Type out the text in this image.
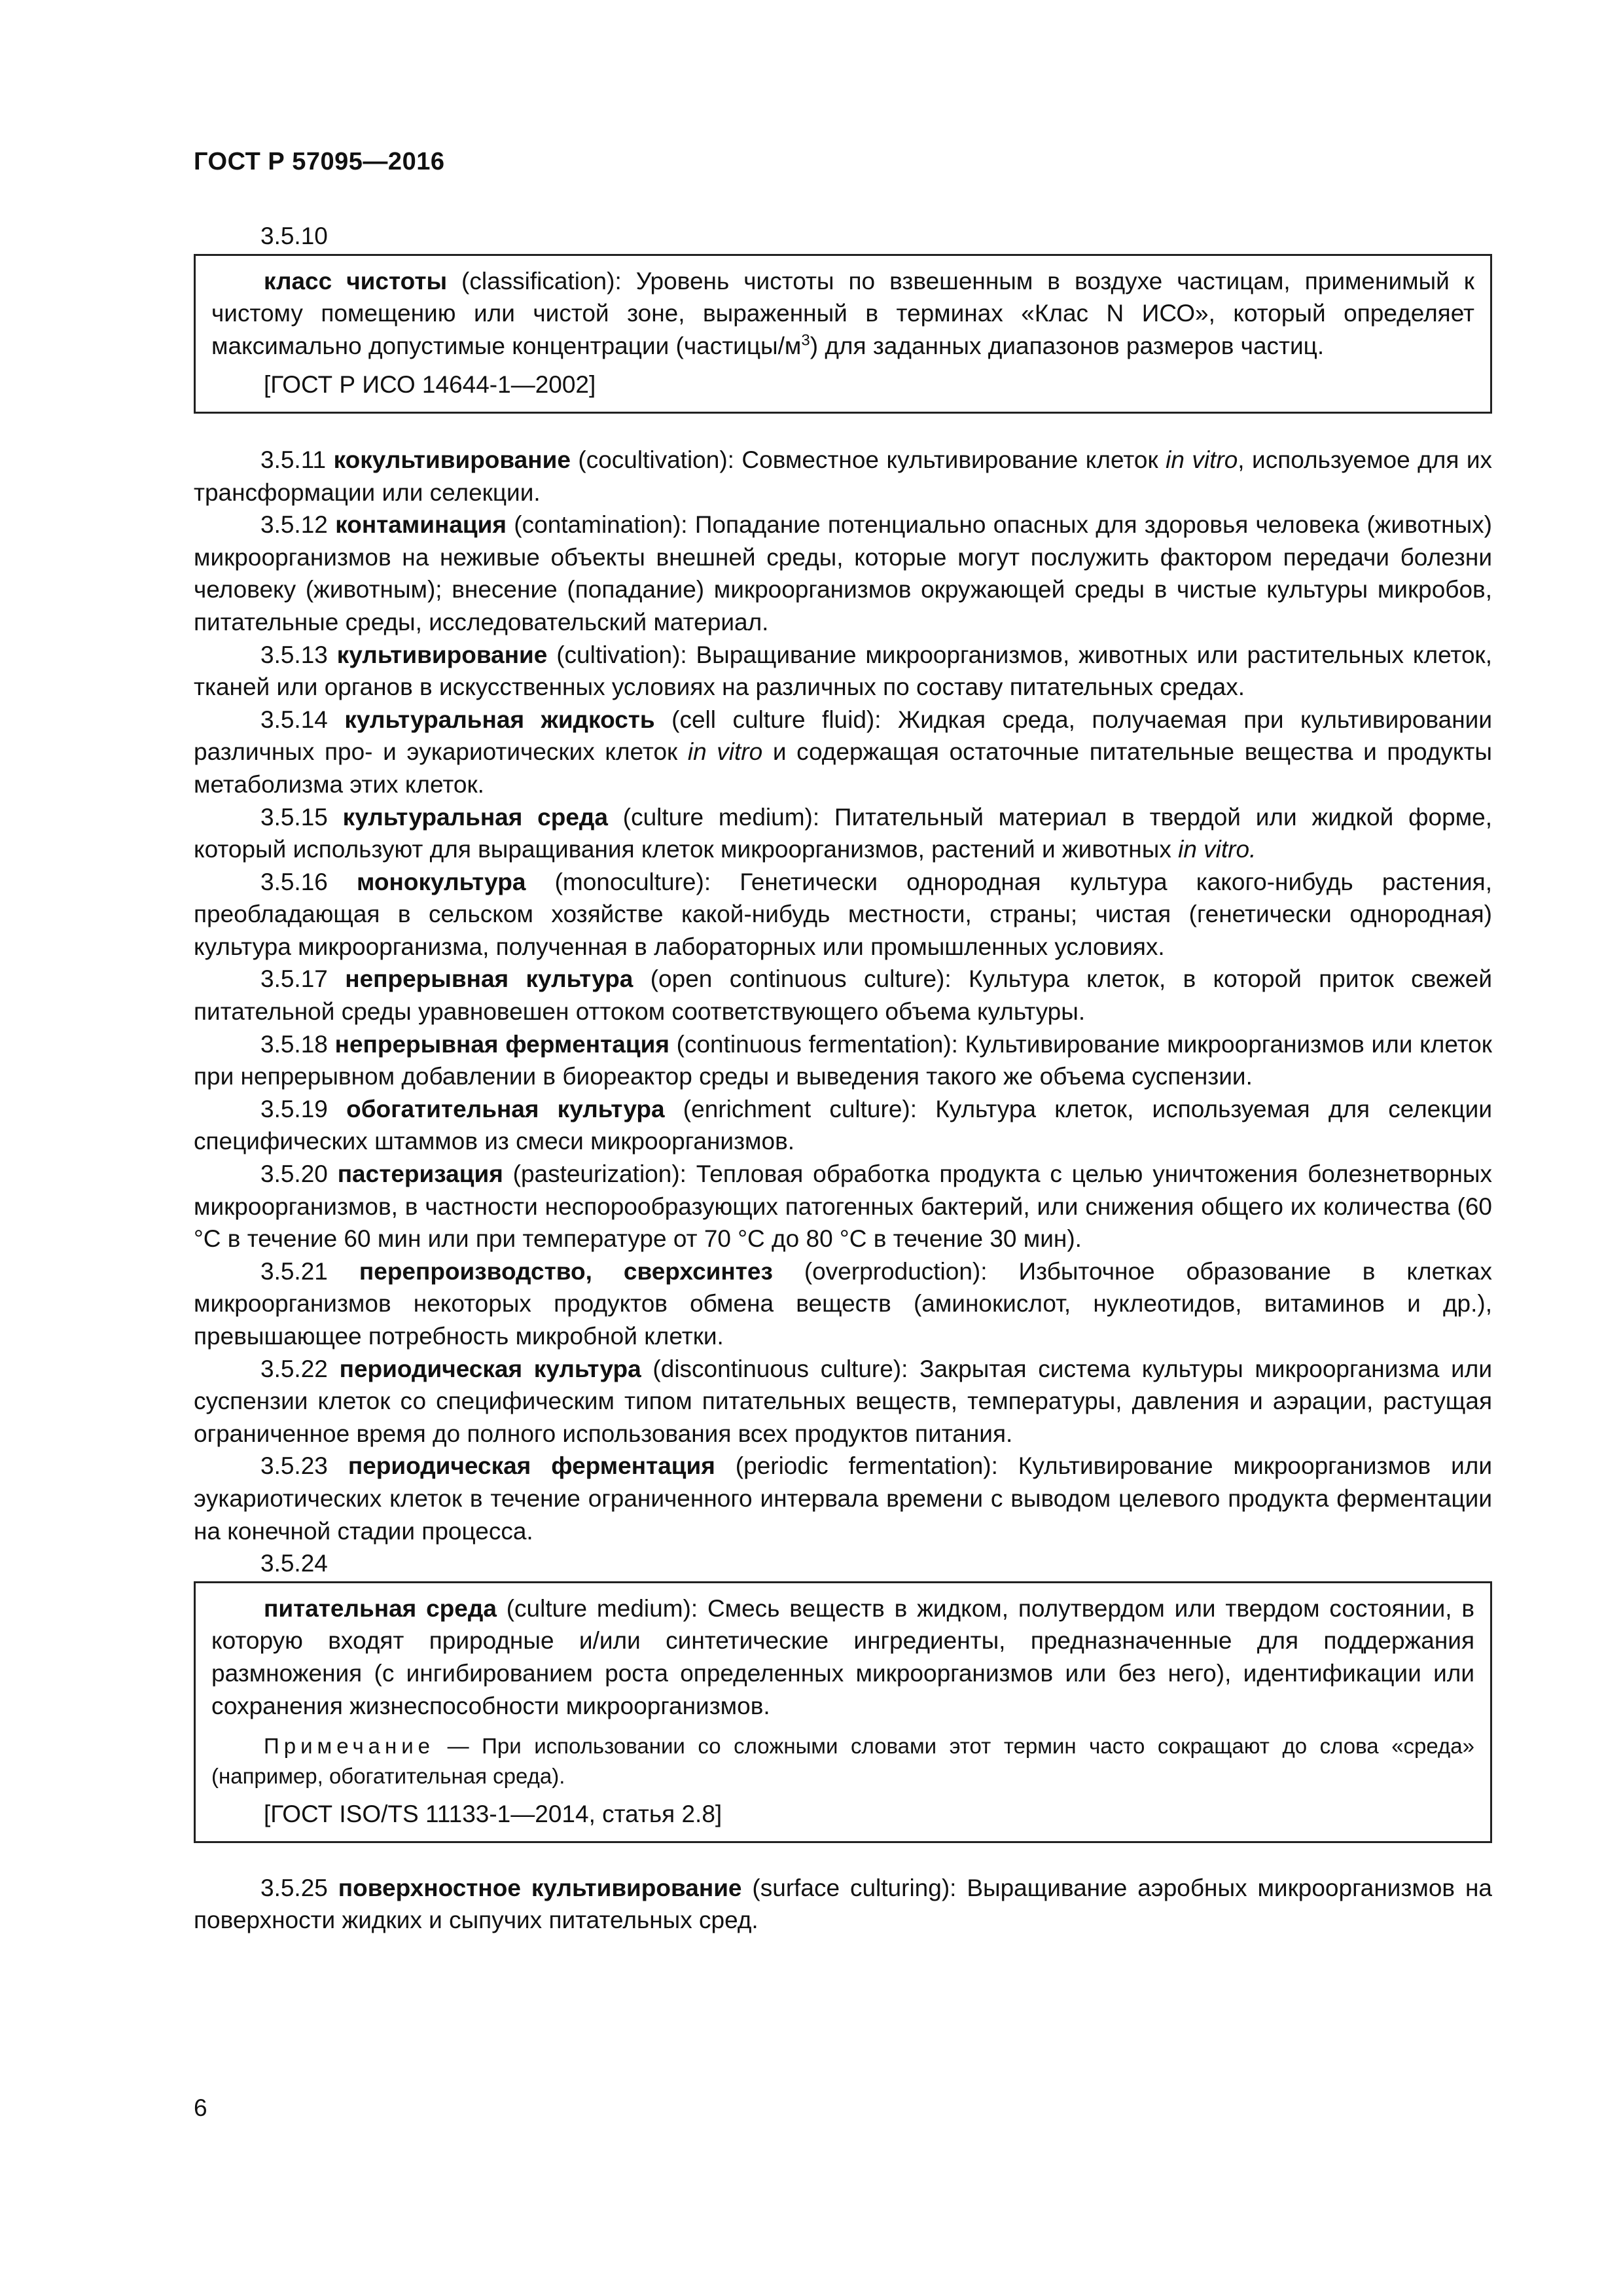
ГОСТ Р 57095—2016
3.5.10

класс чистоты (classification): Уровень чистоты по взвешенным в воздухе частицам, применимый к чистому помещению или чистой зоне, выраженный в терминах «Клас N ИСО», который определяет максимально допустимые концентрации $(частицы/м^3)$ для заданных диапазонов размеров частиц.

[ГОСТ Р ИСО 14644-1—2002]

3.5.11 кокультивирование (cocultivation): Совместное культивирование клеток in vitro, используемое для их трансформации или селекции.

3.5.12 контаминация (contamination): Попадание потенциально опасных для здоровья человека (животных) микроорганизмов на неживые объекты внешней среды, которые могут послужить фактором передачи болезни человеку (животным); внесение (попадание) микроорганизмов окружающей среды в чистые культуры микробов, питательные среды, исследовательский материал.

3.5.13 культивирование (cultivation): Выращивание микроорганизмов, животных или растительных клеток, тканей или органов в искусственных условиях на различных по составу питательных средах.

3.5.14 культуральная жидкость (cell culture fluid): Жидкая среда, получаемая при культивировании различных про- и эукариотических клеток in vitro и содержащая остаточные питательные вещества и продукты метаболизма этих клеток.

3.5.15 культуральная среда (culture medium): Питательный материал в твердой или жидкой форме, который используют для выращивания клеток микроорганизмов, растений и животных in vitro.

3.5.16 монокультура (monoculture): Генетически однородная культура какого-нибудь растения, преобладающая в сельском хозяйстве какой-нибудь местности, страны; чистая (генетически однородная) культура микроорганизма, полученная в лабораторных или промышленных условиях.

3.5.17 непрерывная культура (open continuous culture): Культура клеток, в которой приток свежей питательной среды уравновешен оттоком соответствующего объема культуры.

3.5.18 непрерывная ферментация (continuous fermentation): Культивирование микроорганизмов или клеток при непрерывном добавлении в биореактор среды и выведения такого же объема суспензии.

3.5.19 обогатительная культура (enrichment culture): Культура клеток, используемая для селекции специфических штаммов из смеси микроорганизмов.

3.5.20 пастеризация (pasteurization): Тепловая обработка продукта с целью уничтожения болезнетворных микроорганизмов, в частности неспорообразующих патогенных бактерий, или снижения общего их количества (60 °С в течение 60 мин или при температуре от 70 °С до 80 °С в течение 30 мин).

3.5.21 перепроизводство, сверхсинтез (overproduction): Избыточное образование в клетках микроорганизмов некоторых продуктов обмена веществ (аминокислот, нуклеотидов, витаминов и др.), превышающее потребность микробной клетки.

3.5.22 периодическая культура (discontinuous culture): Закрытая система культуры микроорганизма или суспензии клеток со специфическим типом питательных веществ, температуры, давления и аэрации, растущая ограниченное время до полного использования всех продуктов питания.

3.5.23 периодическая ферментация (periodic fermentation): Культивирование микроорганизмов или эукариотических клеток в течение ограниченного интервала времени с выводом целевого продукта ферментации на конечной стадии процесса.

3.5.24

питательная среда (culture medium): Смесь веществ в жидком, полутвердом или твердом состоянии, в которую входят природные и/или синтетические ингредиенты, предназначенные для поддержания размножения (с ингибированием роста определенных микроорганизмов или без него), идентификации или сохранения жизнеспособности микроорганизмов.

Примечание — При использовании со сложными словами этот термин часто сокращают до слова «среда» (например, обогатительная среда).

[ГОСТ ISO/TS 11133-1—2014, статья 2.8]

3.5.25 поверхностное культивирование (surface culturing): Выращивание аэробных микроорганизмов на поверхности жидких и сыпучих питательных сред.

6
